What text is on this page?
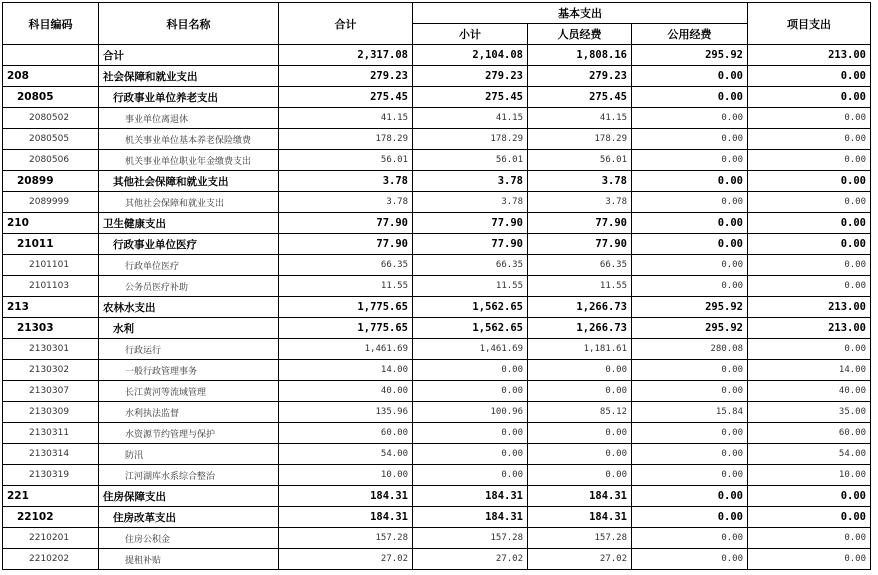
科目编码	科目名称	合计	基本支出			项目支出
			小计	人员经费	公用经费	
	合计	2,317.08	2,104.08	1,808.16	295.92	213.00
208	社会保障和就业支出	279.23	279.23	279.23	0.00	0.00
20805	行政事业单位养老支出	275.45	275.45	275.45	0.00	0.00
2080502	事业单位离退休	41.15	41.15	41.15	0.00	0.00
2080505	机关事业单位基本养老保险缴费	178.29	178.29	178.29	0.00	0.00
2080506	机关事业单位职业年金缴费支出	56.01	56.01	56.01	0.00	0.00
20899	其他社会保障和就业支出	3.78	3.78	3.78	0.00	0.00
2089999	其他社会保障和就业支出	3.78	3.78	3.78	0.00	0.00
210	卫生健康支出	77.90	77.90	77.90	0.00	0.00
21011	行政事业单位医疗	77.90	77.90	77.90	0.00	0.00
2101101	行政单位医疗	66.35	66.35	66.35	0.00	0.00
2101103	公务员医疗补助	11.55	11.55	11.55	0.00	0.00
213	农林水支出	1,775.65	1,562.65	1,266.73	295.92	213.00
21303	水利	1,775.65	1,562.65	1,266.73	295.92	213.00
2130301	行政运行	1,461.69	1,461.69	1,181.61	280.08	0.00
2130302	一般行政管理事务	14.00	0.00	0.00	0.00	14.00
2130307	长江黄河等流域管理	40.00	0.00	0.00	0.00	40.00
2130309	水利执法监督	135.96	100.96	85.12	15.84	35.00
2130311	水资源节约管理与保护	60.00	0.00	0.00	0.00	60.00
2130314	防汛	54.00	0.00	0.00	0.00	54.00
2130319	江河湖库水系综合整治	10.00	0.00	0.00	0.00	10.00
221	住房保障支出	184.31	184.31	184.31	0.00	0.00
22102	住房改革支出	184.31	184.31	184.31	0.00	0.00
2210201	住房公积金	157.28	157.28	157.28	0.00	0.00
2210202	提租补贴	27.02	27.02	27.02	0.00	0.00
